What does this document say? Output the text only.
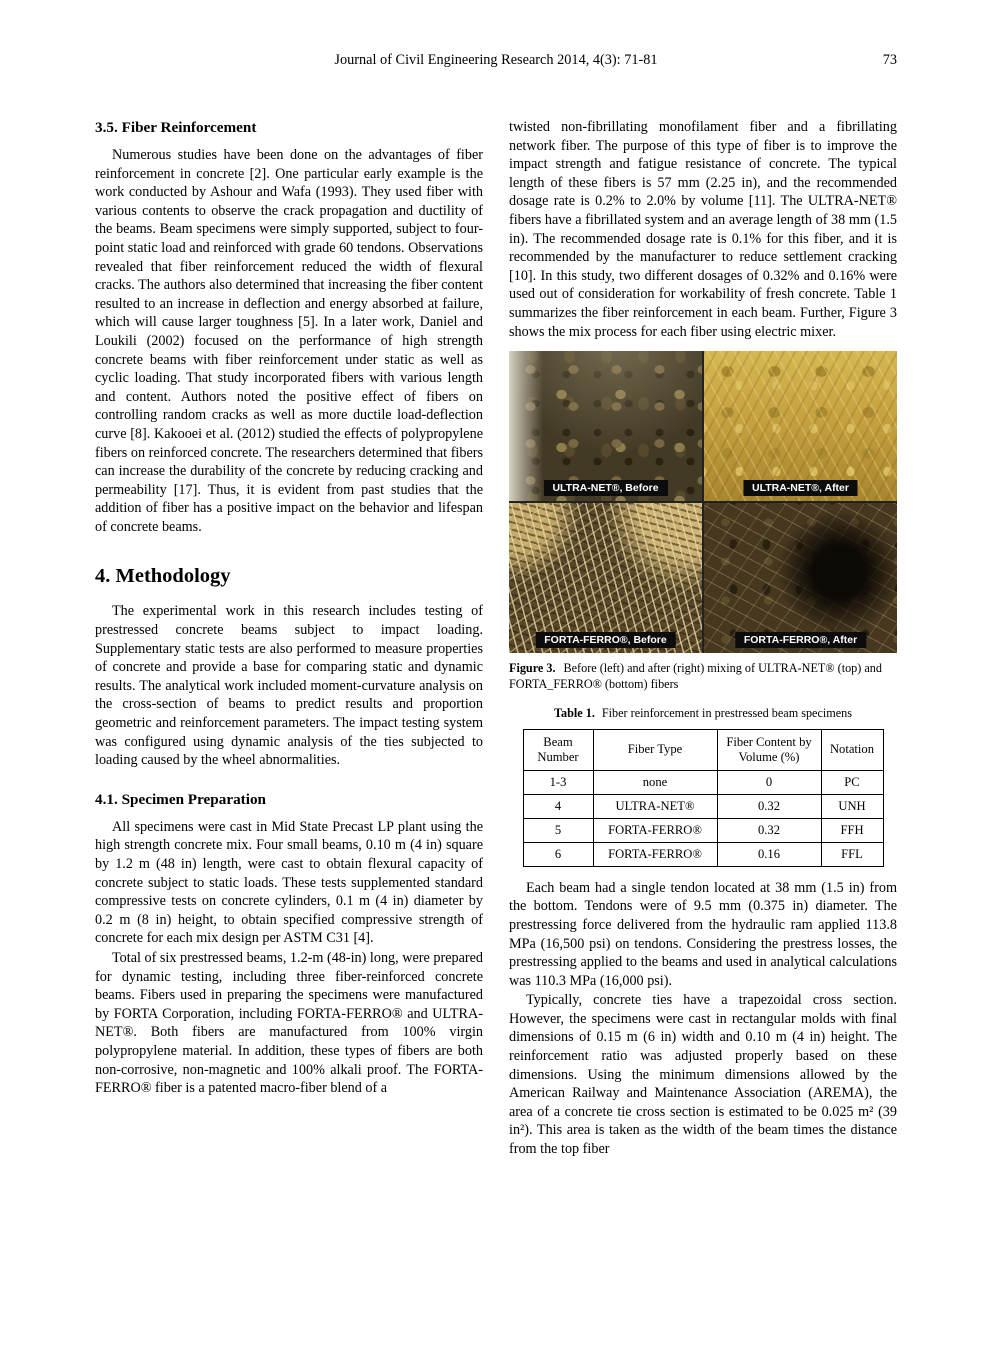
Journal of Civil Engineering Research 2014, 4(3): 71-81	73
3.5. Fiber Reinforcement

Numerous studies have been done on the advantages of fiber reinforcement in concrete [2]. One particular early example is the work conducted by Ashour and Wafa (1993). They used fiber with various contents to observe the crack propagation and ductility of the beams. Beam specimens were simply supported, subject to four-point static load and reinforced with grade 60 tendons. Observations revealed that fiber reinforcement reduced the width of flexural cracks. The authors also determined that increasing the fiber content resulted to an increase in deflection and energy absorbed at failure, which will cause larger toughness [5]. In a later work, Daniel and Loukili (2002) focused on the performance of high strength concrete beams with fiber reinforcement under static as well as cyclic loading. That study incorporated fibers with various length and content. Authors noted the positive effect of fibers on controlling random cracks as well as more ductile load-deflection curve [8]. Kakooei et al. (2012) studied the effects of polypropylene fibers on reinforced concrete. The researchers determined that fibers can increase the durability of the concrete by reducing cracking and permeability [17]. Thus, it is evident from past studies that the addition of fiber has a positive impact on the behavior and lifespan of concrete beams.

4. Methodology

The experimental work in this research includes testing of prestressed concrete beams subject to impact loading. Supplementary static tests are also performed to measure properties of concrete and provide a base for comparing static and dynamic results. The analytical work included moment-curvature analysis on the cross-section of beams to predict results and proportion geometric and reinforcement parameters. The impact testing system was configured using dynamic analysis of the ties subjected to loading caused by the wheel abnormalities.

4.1. Specimen Preparation

All specimens were cast in Mid State Precast LP plant using the high strength concrete mix. Four small beams, 0.10 m (4 in) square by 1.2 m (48 in) length, were cast to obtain flexural capacity of concrete subject to static loads. These tests supplemented standard compressive tests on concrete cylinders, 0.1 m (4 in) diameter by 0.2 m (8 in) height, to obtain specified compressive strength of concrete for each mix design per ASTM C31 [4].

Total of six prestressed beams, 1.2-m (48-in) long, were prepared for dynamic testing, including three fiber-reinforced concrete beams. Fibers used in preparing the specimens were manufactured by FORTA Corporation, including FORTA-FERRO® and ULTRA-NET®. Both fibers are manufactured from 100% virgin polypropylene material. In addition, these types of fibers are both non-corrosive, non-magnetic and 100% alkali proof. The FORTA-FERRO® fiber is a patented macro-fiber blend of a

twisted non-fibrillating monofilament fiber and a fibrillating network fiber. The purpose of this type of fiber is to improve the impact strength and fatigue resistance of concrete. The typical length of these fibers is 57 mm (2.25 in), and the recommended dosage rate is 0.2% to 2.0% by volume [11]. The ULTRA-NET® fibers have a fibrillated system and an average length of 38 mm (1.5 in). The recommended dosage rate is 0.1% for this fiber, and it is recommended by the manufacturer to reduce settlement cracking [10]. In this study, two different dosages of 0.32% and 0.16% were used out of consideration for workability of fresh concrete. Table 1 summarizes the fiber reinforcement in each beam. Further, Figure 3 shows the mix process for each fiber using electric mixer.

ULTRA-NET®, Before	ULTRA-NET®, After
FORTA-FERRO®, Before	FORTA-FERRO®, After
Figure 3. Before (left) and after (right) mixing of ULTRA-NET® (top) and FORTA_FERRO® (bottom) fibers
Table 1. Fiber reinforcement in prestressed beam specimens
Beam Number	Fiber Type	Fiber Content by Volume (%)	Notation
1-3	none	0	PC
4	ULTRA-NET®	0.32	UNH
5	FORTA-FERRO®	0.32	FFH
6	FORTA-FERRO®	0.16	FFL

Each beam had a single tendon located at 38 mm (1.5 in) from the bottom. Tendons were of 9.5 mm (0.375 in) diameter. The prestressing force delivered from the hydraulic ram applied 113.8 MPa (16,500 psi) on tendons. Considering the prestress losses, the prestressing applied to the beams and used in analytical calculations was 110.3 MPa (16,000 psi).

Typically, concrete ties have a trapezoidal cross section. However, the specimens were cast in rectangular molds with final dimensions of 0.15 m (6 in) width and 0.10 m (4 in) height. The reinforcement ratio was adjusted properly based on these dimensions. Using the minimum dimensions allowed by the American Railway and Maintenance Association (AREMA), the area of a concrete tie cross section is estimated to be 0.025 m² (39 in²). This area is taken as the width of the beam times the distance from the top fiber
